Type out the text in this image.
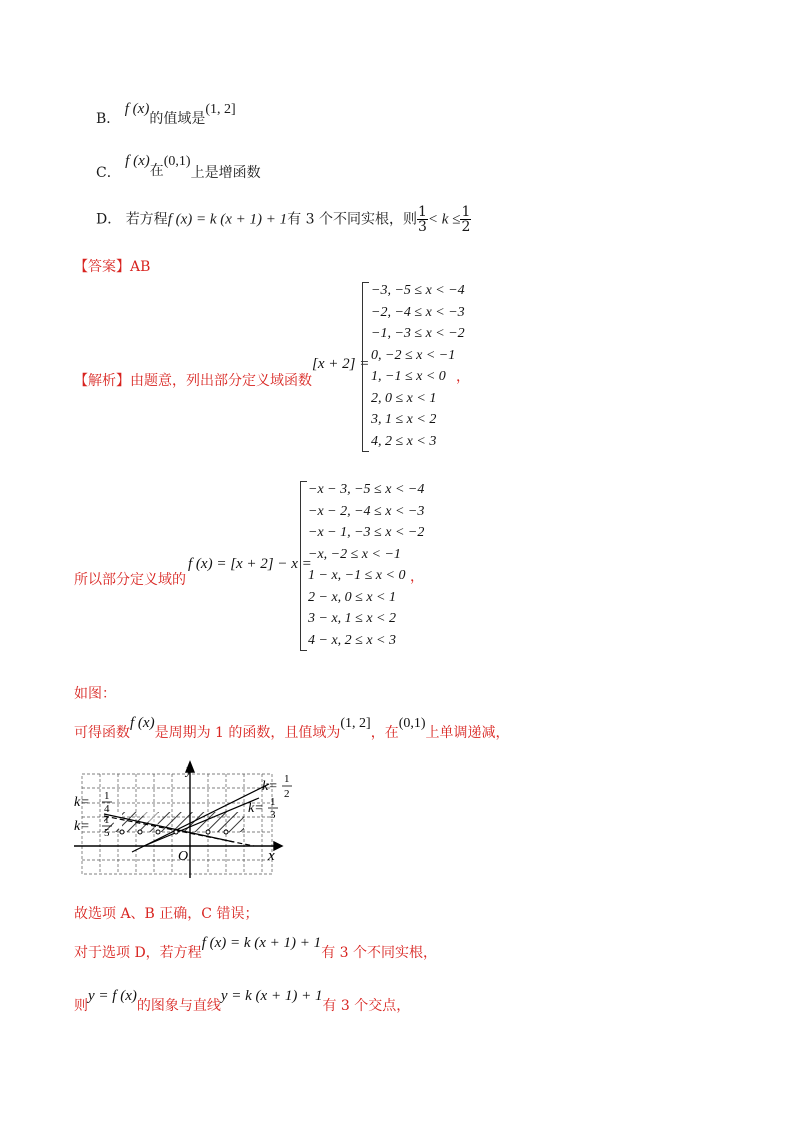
B． f (x)的值域是(1, 2]
C． f (x)在(0,1)上是增函数
D． 若方程f (x) = k (x + 1) + 1有 3 个不同实根，则 $\frac{1}{3} < k \le \frac{1}{2}$
【答案】AB
【解析】由题意，列出部分定义域函数
[x + 2] =
−3, −5 ≤ x < −4
−2, −4 ≤ x < −3
−1, −3 ≤ x < −2
0, −2 ≤ x < −1
1, −1 ≤ x < 0
2, 0 ≤ x < 1
3, 1 ≤ x < 2
4, 2 ≤ x < 3
，
所以部分定义域的
f (x) = [x + 2] − x =
−x − 3, −5 ≤ x < −4
−x − 2, −4 ≤ x < −3
−x − 1, −3 ≤ x < −2
−x, −2 ≤ x < −1
1 − x, −1 ≤ x < 0
2 − x, 0 ≤ x < 1
3 − x, 1 ≤ x < 2
4 − x, 2 ≤ x < 3
，
如图：
可得函数f (x)是周期为 1 的函数，且值域为(1, 2]，在(0,1)上单调递减，
y
x
O
k= 1
4
k= 1
5
k= 1
2
k= 1
3
故选项 A、B 正确，C 错误；
对于选项 D，若方程f (x) = k (x + 1) + 1有 3 个不同实根，
则y = f (x)的图象与直线y = k (x + 1) + 1有 3 个交点，
